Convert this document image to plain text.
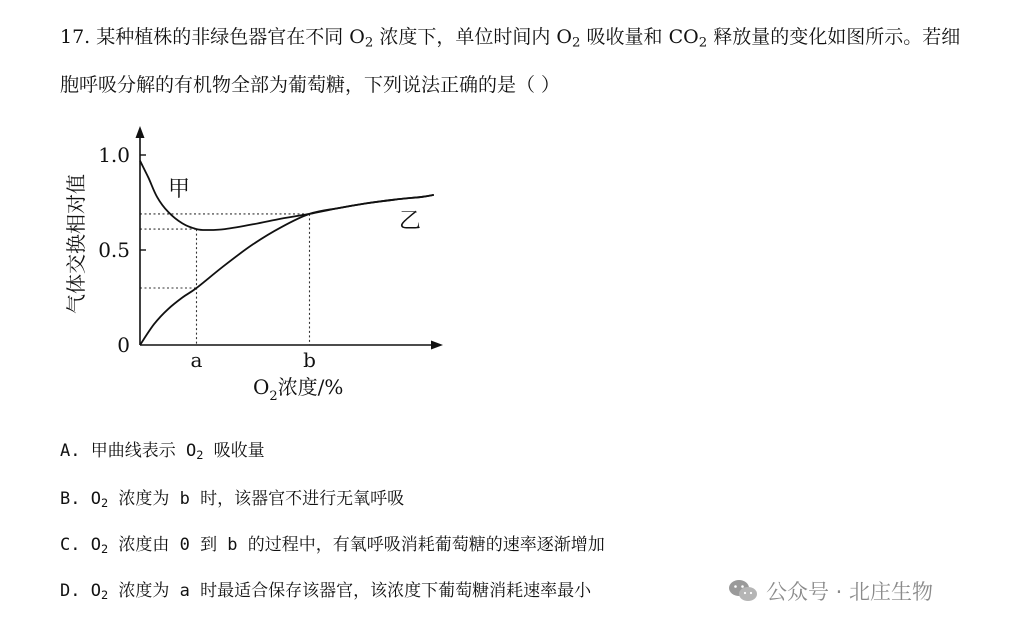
17. 某种植株的非绿色器官在不同 $O_2$ 浓度下，单位时间内 $O_2$ 吸收量和 $CO_2$ 释放量的变化如图所示。若细
胞呼吸分解的有机物全部为葡萄糖，下列说法正确的是（ ）
0
0.5
1.0
a	b
甲
乙
$O_2$浓度/%
气体交换相对值
A. 甲曲线表示 $O_2$ 吸收量
B. $O_2$ 浓度为 b 时，该器官不进行无氧呼吸
C. $O_2$ 浓度由 0 到 b 的过程中，有氧呼吸消耗葡萄糖的速率逐渐增加
D. $O_2$ 浓度为 a 时最适合保存该器官，该浓度下葡萄糖消耗速率最小	公众号 · 北庄生物
